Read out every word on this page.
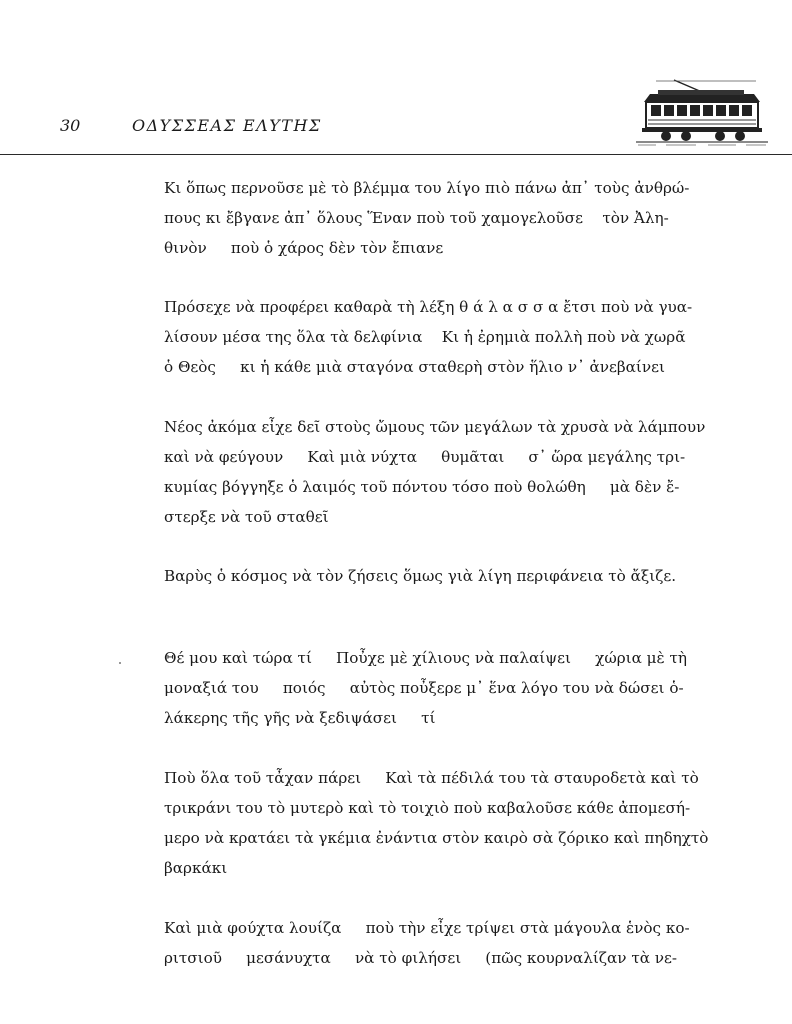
30	ΟΔΥΣΣΕΑΣ ΕΛΥΤΗΣ
Κι ὅπως περνοῦσε μὲ τὸ βλέμμα του λίγο πιὸ πάνω ἀπ᾿ τοὺς ἀνθρώ-
πους κι ἔβγανε ἀπ᾿ ὅλους Ἕναν ποὺ τοῦ χαμογελοῦσε    τὸν Ἀλη-
θινὸν     ποὺ ὁ χάρος δὲν τὸν ἔπιανε
Πρόσεχε νὰ προφέρει καθαρὰ τὴ λέξη θ ά λ α σ σ α ἔτσι ποὺ νὰ γυα-
λίσουν μέσα της ὅλα τὰ δελφίνια    Κι ἡ ἐρημιὰ πολλὴ ποὺ νὰ χωρᾶ
ὁ Θεὸς     κι ἡ κάθε μιὰ σταγόνα σταθερὴ στὸν ἥλιο ν᾿ ἀνεβαίνει
Νέος ἀκόμα εἶχε δεῖ στοὺς ὤμους τῶν μεγάλων τὰ χρυσὰ νὰ λάμπουν
καὶ νὰ φεύγουν     Καὶ μιὰ νύχτα     θυμᾶται     σ᾿ ὥρα μεγάλης τρι-
κυμίας βόγγηξε ὁ λαιμός τοῦ πόντου τόσο ποὺ θολώθη     μὰ δὲν ἔ-
στερξε νὰ τοῦ σταθεῖ
Βαρὺς ὁ κόσμος νὰ τὸν ζήσεις ὅμως γιὰ λίγη περιφάνεια τὸ ἄξιζε.
Θέ μου καὶ τώρα τί     Ποὖχε μὲ χίλιους νὰ παλαίψει     χώρια μὲ τὴ
μοναξιά του     ποιός     αὐτὸς ποὖξερε μ᾿ ἕνα λόγο του νὰ δώσει ὁ-
λάκερης τῆς γῆς νὰ ξεδιψάσει     τί
Ποὺ ὅλα τοῦ τἆχαν πάρει     Καὶ τὰ πέδιλά του τὰ σταυροδετὰ καὶ τὸ
τρικράνι του τὸ μυτερὸ καὶ τὸ τοιχιὸ ποὺ καβαλοῦσε κάθε ἀπομεσή-
μερο νὰ κρατάει τὰ γκέμια ἐνάντια στὸν καιρὸ σὰ ζόρικο καὶ πηδηχτὸ
βαρκάκι
Καὶ μιὰ φούχτα λουίζα     ποὺ τὴν εἶχε τρίψει στὰ μάγουλα ἑνὸς κο-
ριτσιοῦ     μεσάνυχτα     νὰ τὸ φιλήσει     (πῶς κουρναλίζαν τὰ νε-
